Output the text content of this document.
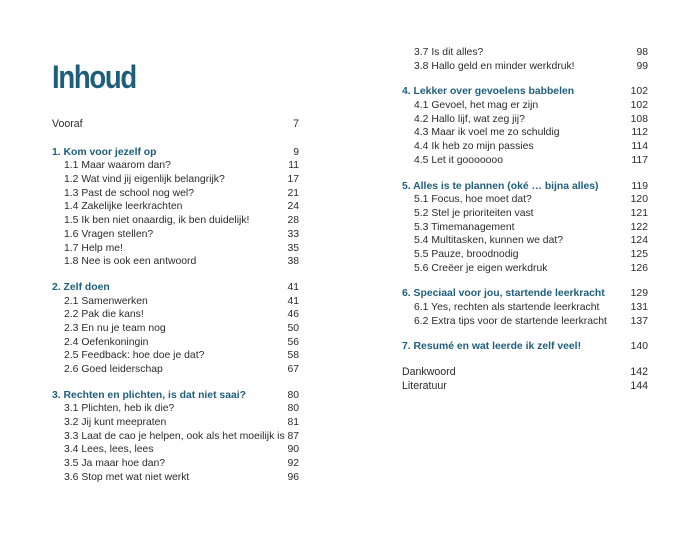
Inhoud
Vooraf	7
1. Kom voor jezelf op	9
1.1 Maar waarom dan?	11
1.2 Wat vind jij eigenlijk belangrijk?	17
1.3 Past de school nog wel?	21
1.4 Zakelijke leerkrachten	24
1.5 Ik ben niet onaardig, ik ben duidelijk!	28
1.6 Vragen stellen?	33
1.7 Help me!	35
1.8 Nee is ook een antwoord	38
2. Zelf doen	41
2.1 Samenwerken	41
2.2 Pak die kans!	46
2.3 En nu je team nog	50
2.4 Oefenkoningin	56
2.5 Feedback: hoe doe je dat?	58
2.6 Goed leiderschap	67
3. Rechten en plichten, is dat niet saai?	80
3.1 Plichten, heb ik die?	80
3.2 Jij kunt meepraten	81
3.3 Laat de cao je helpen, ook als het moeilijk is 87
3.4 Lees, lees, lees	90
3.5 Ja maar hoe dan?	92
3.6 Stop met wat niet werkt	96
3.7 Is dit alles?	98
3.8 Hallo geld en minder werkdruk!	99
4. Lekker over gevoelens babbelen	102
4.1 Gevoel, het mag er zijn	102
4.2 Hallo lijf, wat zeg jij?	108
4.3 Maar ik voel me zo schuldig	112
4.4 Ik heb zo mijn passies	114
4.5 Let it gooooooo	117
5. Alles is te plannen (oké … bijna alles)	119
5.1 Focus, hoe moet dat?	120
5.2 Stel je prioriteiten vast	121
5.3 Timemanagement	122
5.4 Multitasken, kunnen we dat?	124
5.5 Pauze, broodnodig	125
5.6 Creëer je eigen werkdruk	126
6. Speciaal voor jou, startende leerkracht 129
6.1 Yes, rechten als startende leerkracht	131
6.2 Extra tips voor de startende leerkracht 137
7. Resumé en wat leerde ik zelf veel!	140
Dankwoord	142
Literatuur	144
